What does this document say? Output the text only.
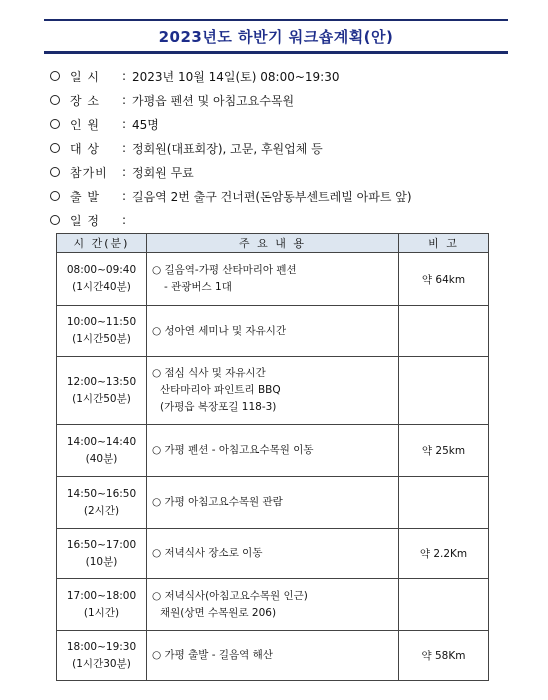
2023년도 하반기 워크숍계획(안)
일 시	: 2023년 10월 14일(토) 08:00~19:30
장 소	: 가평읍 펜션 및 아침고요수목원
인 원	: 45명
대 상	: 정회원(대표회장), 고문, 후원업체 등
참가비	: 정회원 무료
출 발	: 길음역 2번 출구 건너편(돈암동부센트레빌 아파트 앞)
일 정	:
시 간(분)	주 요 내 용	비 고

08:00~09:40
(1시간40분)	○ 길음역-가평 산타마리아 펜션
- 관광버스 1대	약 64km

10:00~11:50
(1시간50분)	○ 성아연 세미나 및 자유시간	

12:00~13:50
(1시간50분)	○ 점심 식사 및 자유시간
산타마리아 파인트리 BBQ
(가평읍 복장포길 118-3)	

14:00~14:40
(40분)	○ 가평 펜션 - 아침고요수목원 이동	약 25km

14:50~16:50
(2시간)	○ 가평 아침고요수목원 관람	

16:50~17:00
(10분)	○ 저녁식사 장소로 이동	약 2.2Km

17:00~18:00
(1시간)	○ 저녁식사(아침고요수목원 인근)
채원(상면 수목원로 206)	

18:00~19:30
(1시간30분)	○ 가평 출발 - 길음역 해산	약 58Km
